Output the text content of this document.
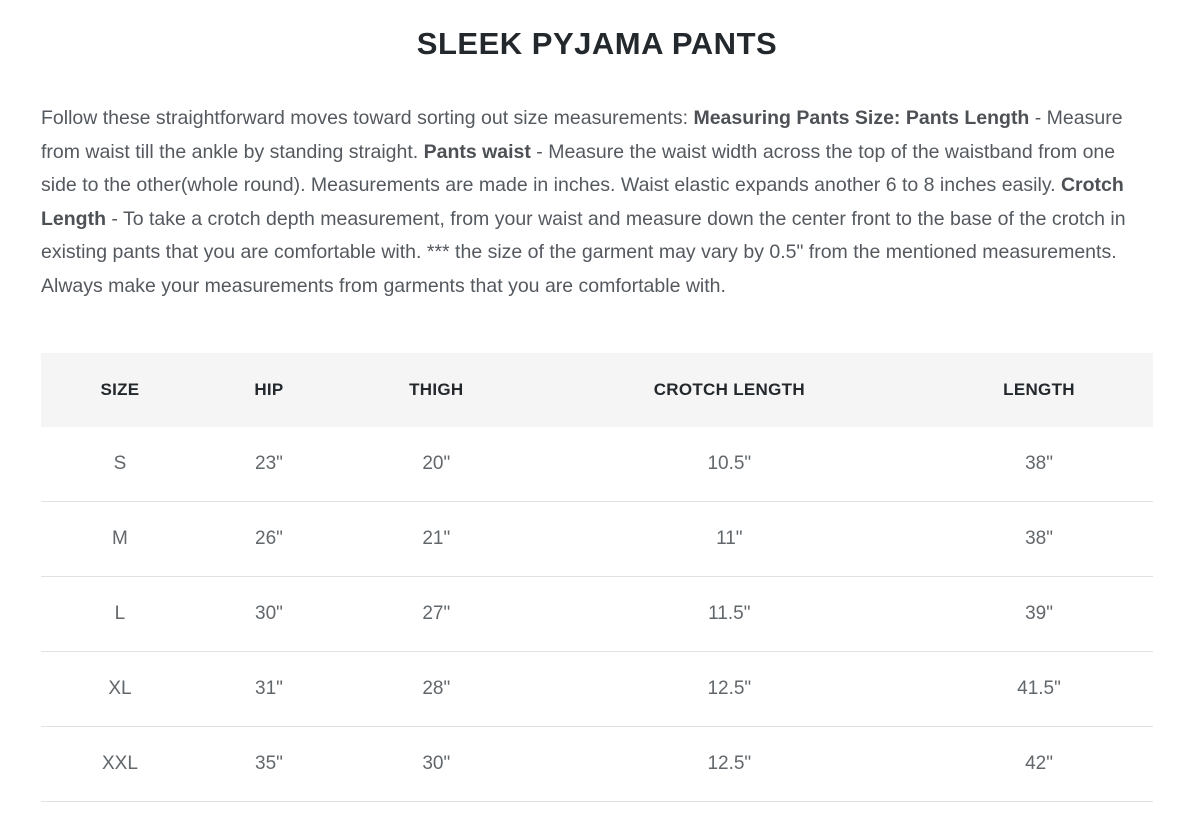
SLEEK PYJAMA PANTS

Follow these straightforward moves toward sorting out size measurements: Measuring Pants Size: Pants Length - Measure from waist till the ankle by standing straight. Pants waist - Measure the waist width across the top of the waistband from one side to the other(whole round). Measurements are made in inches. Waist elastic expands another 6 to 8 inches easily. Crotch Length - To take a crotch depth measurement, from your waist and measure down the center front to the base of the crotch in existing pants that you are comfortable with. *** the size of the garment may vary by 0.5" from the mentioned measurements. Always make your measurements from garments that you are comfortable with.

SIZE	HIP	THIGH	CROTCH LENGTH	LENGTH
S	23"	20"	10.5"	38"
M	26"	21"	11"	38"
L	30"	27"	11.5"	39"
XL	31"	28"	12.5"	41.5"
XXL	35"	30"	12.5"	42"
